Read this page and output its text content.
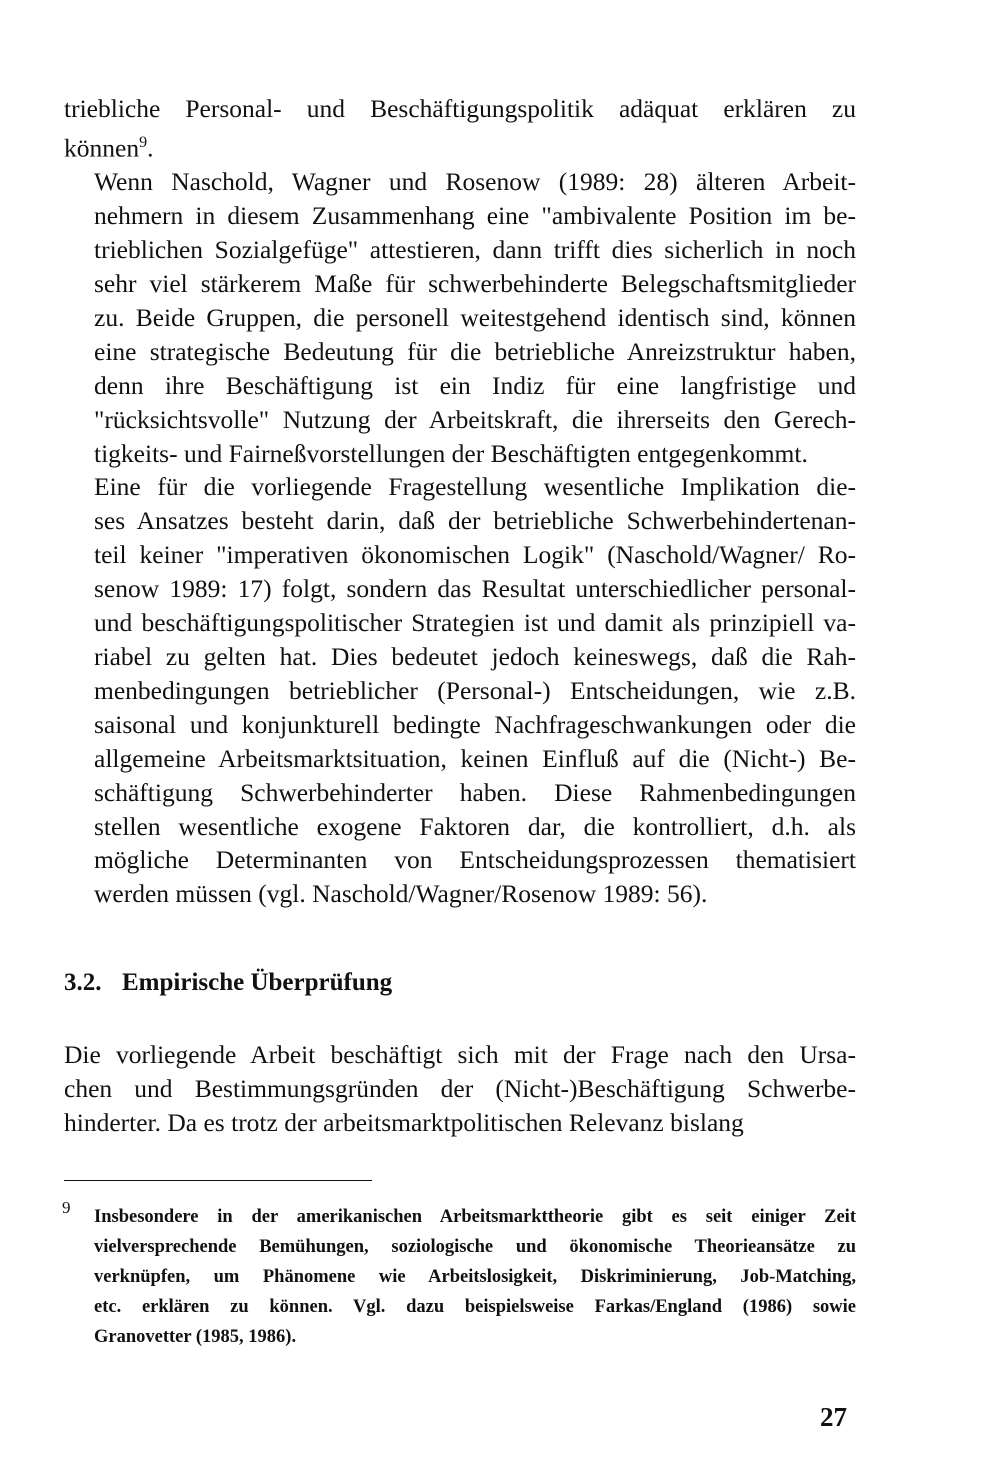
triebliche Personal- und Beschäftigungspolitik adäquat erklären zu
können$^9$.

Wenn Naschold, Wagner und Rosenow (1989: 28) älteren Arbeit-
nehmern in diesem Zusammenhang eine "ambivalente Position im be-
trieblichen Sozialgefüge" attestieren, dann trifft dies sicherlich in noch
sehr viel stärkerem Maße für schwerbehinderte Belegschaftsmitglieder
zu. Beide Gruppen, die personell weitestgehend identisch sind, können
eine strategische Bedeutung für die betriebliche Anreizstruktur haben,
denn ihre Beschäftigung ist ein Indiz für eine langfristige und
"rücksichtsvolle" Nutzung der Arbeitskraft, die ihrerseits den Gerech-
tigkeits- und Fairneßvorstellungen der Beschäftigten entgegenkommt.

Eine für die vorliegende Fragestellung wesentliche Implikation die-
ses Ansatzes besteht darin, daß der betriebliche Schwerbehindertenan-
teil keiner "imperativen ökonomischen Logik" (Naschold/Wagner/ Ro-
senow 1989: 17) folgt, sondern das Resultat unterschiedlicher personal-
und beschäftigungspolitischer Strategien ist und damit als prinzipiell va-
riabel zu gelten hat. Dies bedeutet jedoch keineswegs, daß die Rah-
menbedingungen betrieblicher (Personal-) Entscheidungen, wie z.B.
saisonal und konjunkturell bedingte Nachfrageschwankungen oder die
allgemeine Arbeitsmarktsituation, keinen Einfluß auf die (Nicht-) Be-
schäftigung Schwerbehinderter haben. Diese Rahmenbedingungen
stellen wesentliche exogene Faktoren dar, die kontrolliert, d.h. als
mögliche Determinanten von Entscheidungsprozessen thematisiert
werden müssen (vgl. Naschold/Wagner/Rosenow 1989: 56).

3.2. Empirische Überprüfung

Die vorliegende Arbeit beschäftigt sich mit der Frage nach den Ursa-
chen und Bestimmungsgründen der (Nicht-)Beschäftigung Schwerbe-
hinderter. Da es trotz der arbeitsmarktpolitischen Relevanz bislang

9 Insbesondere in der amerikanischen Arbeitsmarkttheorie gibt es seit einiger Zeit
vielversprechende Bemühungen, soziologische und ökonomische Theorieansätze zu
verknüpfen, um Phänomene wie Arbeitslosigkeit, Diskriminierung, Job-Matching,
etc. erklären zu können. Vgl. dazu beispielsweise Farkas/England (1986) sowie
Granovetter (1985, 1986).
27
